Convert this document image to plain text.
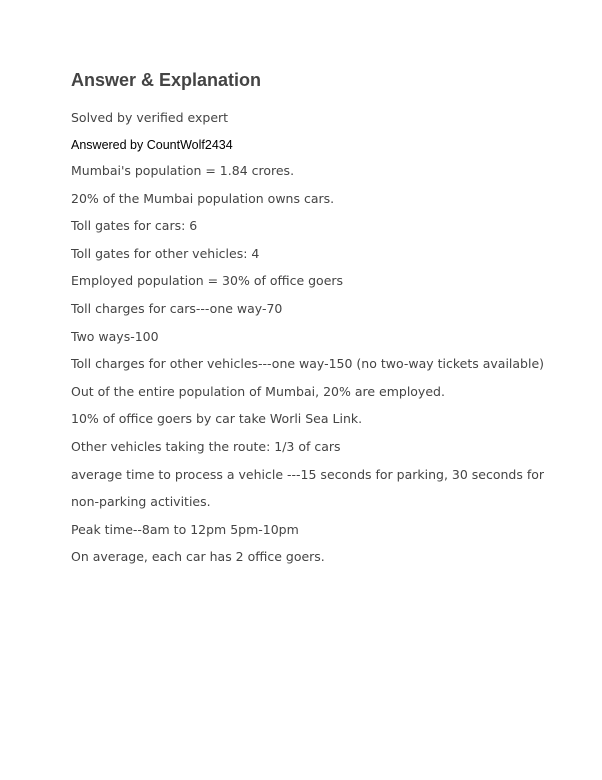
Answer & Explanation
Solved by verified expert
Answered by CountWolf2434
Mumbai's population = 1.84 crores.
20% of the Mumbai population owns cars.
Toll gates for cars: 6
Toll gates for other vehicles: 4
Employed population = 30% of office goers
Toll charges for cars---one way-70
Two ways-100
Toll charges for other vehicles---one way-150 (no two-way tickets available)
Out of the entire population of Mumbai, 20% are employed.
10% of office goers by car take Worli Sea Link.
Other vehicles taking the route: 1/3 of cars
average time to process a vehicle ---15 seconds for parking, 30 seconds for
non-parking activities.
Peak time--8am to 12pm 5pm-10pm
On average, each car has 2 office goers.
